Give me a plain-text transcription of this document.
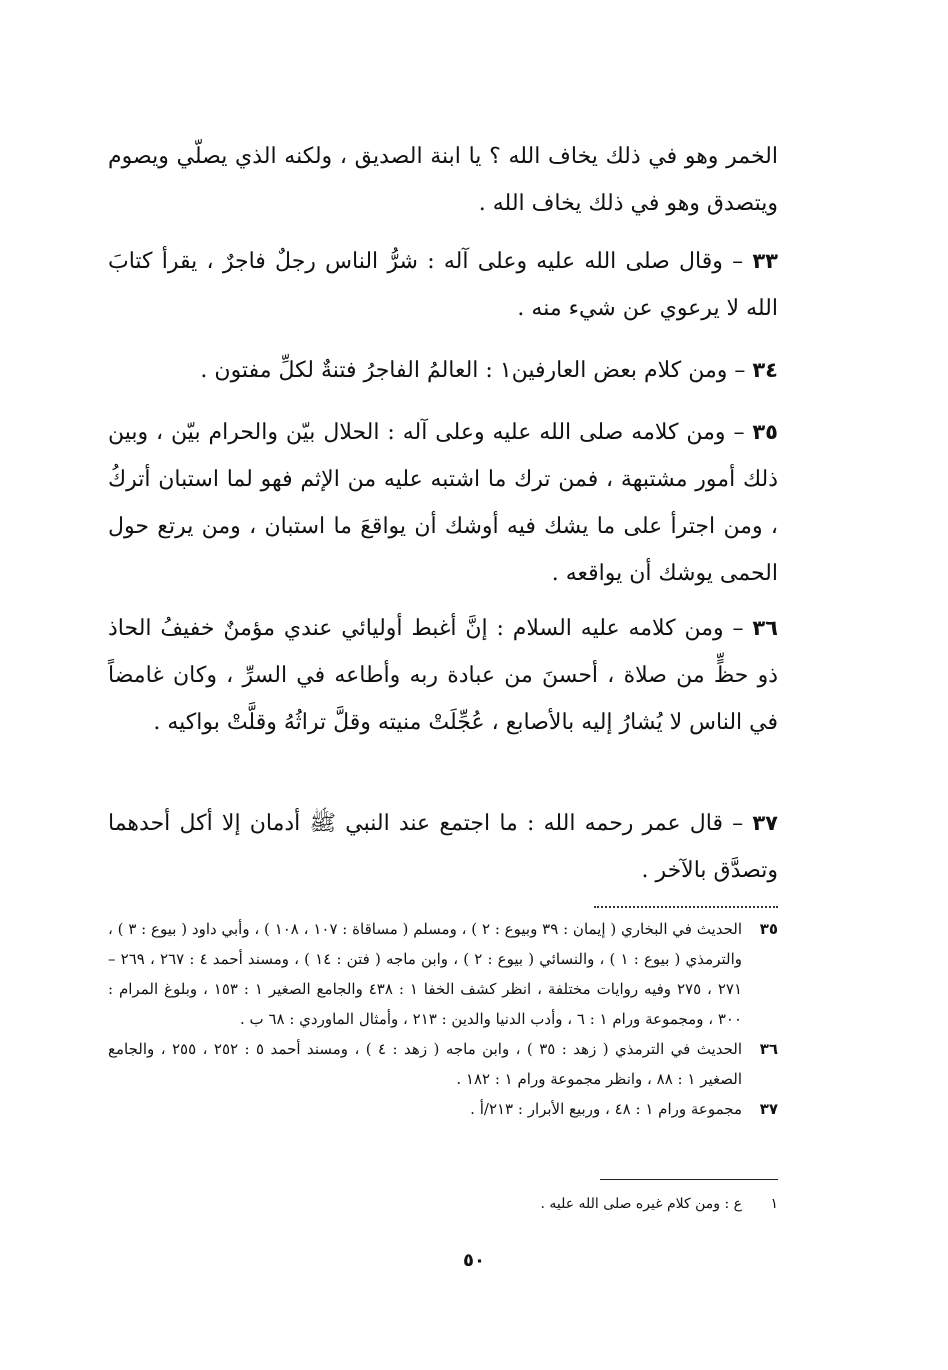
الخمر وهو في ذلك يخاف الله ؟ يا ابنة الصديق ، ولكنه الذي يصلّي ويصوم ويتصدق وهو في ذلك يخاف الله .
٣٣ – وقال صلى الله عليه وعلى آله : شرُّ الناس رجلٌ فاجرٌ ، يقرأ كتابَ الله لا يرعوي عن شيء منه .
٣٤ – ومن كلام بعض العارفين١ : العالمُ الفاجرُ فتنةٌ لكلِّ مفتون .
٣٥ – ومن كلامه صلى الله عليه وعلى آله : الحلال بيّن والحرام بيّن ، وبين ذلك أمور مشتبهة ، فمن ترك ما اشتبه عليه من الإثم فهو لما استبان أتركُ ، ومن اجترأ على ما يشك فيه أوشك أن يواقعَ ما استبان ، ومن يرتع حول الحمى يوشك أن يواقعه .
٣٦ – ومن كلامه عليه السلام : إنَّ أغبط أوليائي عندي مؤمنٌ خفيفُ الحاذ ذو حظٍّ من صلاة ، أحسنَ من عبادة ربه وأطاعه في السرِّ ، وكان غامضاً في الناس لا يُشارُ إليه بالأصابع ، عُجِّلَتْ منيته وقلَّ تراثُهُ وقلَّتْ بواكيه .
٣٧ – قال عمر رحمه الله : ما اجتمع عند النبي ﷺ أدمان إلا أكل أحدهما وتصدَّق بالآخر .
٣٥
الحديث في البخاري ( إيمان : ٣٩ وبيوع : ٢ ) ، ومسلم ( مساقاة : ١٠٧ ، ١٠٨ ) ، وأبي داود ( بيوع : ٣ ) ، والترمذي ( بيوع : ١ ) ، والنسائي ( بيوع : ٢ ) ، وابن ماجه ( فتن : ١٤ ) ، ومسند أحمد ٤ : ٢٦٧ ، ٢٦٩ – ٢٧١ ، ٢٧٥ وفيه روايات مختلفة ، انظر كشف الخفا ١ : ٤٣٨ والجامع الصغير ١ : ١٥٣ ، وبلوغ المرام : ٣٠٠ ، ومجموعة ورام ١ : ٦ ، وأدب الدنيا والدين : ٢١٣ ، وأمثال الماوردي : ٦٨ ب .
٣٦
الحديث في الترمذي ( زهد : ٣٥ ) ، وابن ماجه ( زهد : ٤ ) ، ومسند أحمد ٥ : ٢٥٢ ، ٢٥٥ ، والجامع الصغير ١ : ٨٨ ، وانظر مجموعة ورام ١ : ١٨٢ .
٣٧
مجموعة ورام ١ : ٤٨ ، وربيع الأبرار : ٢١٣/أ .
١ع : ومن كلام غيره صلى الله عليه .
٥٠
